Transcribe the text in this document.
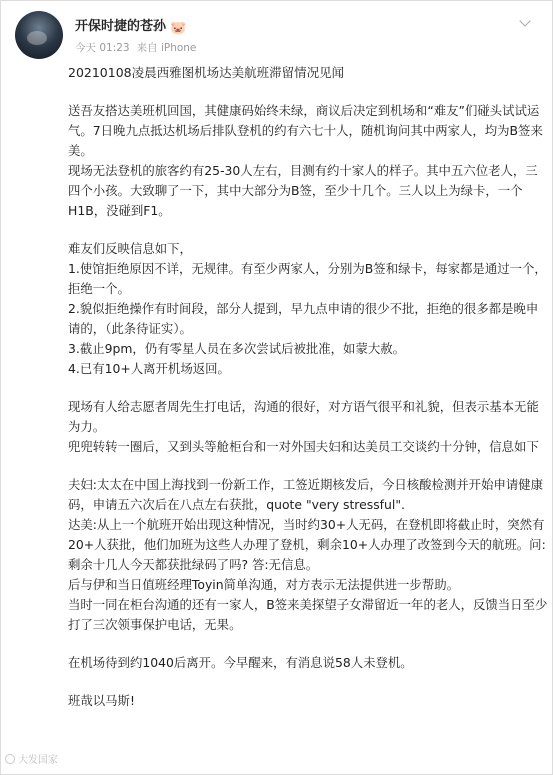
开保时捷的苍孙 🐷
今天 01:23 来自 iPhone
20210108凌晨西雅图机场达美航班滞留情况见闻

送吾友搭达美班机回国，其健康码始终未绿，商议后决定到机场和“难友”们碰头试试运气。7日晚九点抵达机场后排队登机的约有六七十人，随机询问其中两家人，均为B签来美。

现场无法登机的旅客约有25-30人左右，目测有约十家人的样子。其中五六位老人，三四个小孩。大致聊了一下，其中大部分为B签，至少十几个。三人以上为绿卡，一个H1B，没碰到F1。

难友们反映信息如下，

1.使馆拒绝原因不详，无规律。有至少两家人，分别为B签和绿卡，每家都是通过一个，拒绝一个。

2.貌似拒绝操作有时间段，部分人提到，早九点申请的很少不批，拒绝的很多都是晚申请的，（此条待证实）。

3.截止9pm，仍有零星人员在多次尝试后被批准，如蒙大赦。

4.已有10+人离开机场返回。

现场有人给志愿者周先生打电话，沟通的很好，对方语气很平和礼貌，但表示基本无能为力。

兜兜转转一圈后，又到头等舱柜台和一对外国夫妇和达美员工交谈约十分钟，信息如下

夫妇:太太在中国上海找到一份新工作，工签近期核发后，今日核酸检测并开始申请健康码，申请五六次后在八点左右获批，quote "very stressful".

达美:从上一个航班开始出现这种情况，当时约30+人无码，在登机即将截止时，突然有20+人获批，他们加班为这些人办理了登机，剩余10+人办理了改签到今天的航班。问:剩余十几人今天都获批绿码了吗? 答:无信息。

后与伊和当日值班经理Toyin简单沟通，对方表示无法提供进一步帮助。

当时一同在柜台沟通的还有一家人，B签来美探望子女滞留近一年的老人，反馈当日至少打了三次领事保护电话，无果。

在机场待到约1040后离开。今早醒来，有消息说58人未登机。

班哉以马斯!

大发国家
